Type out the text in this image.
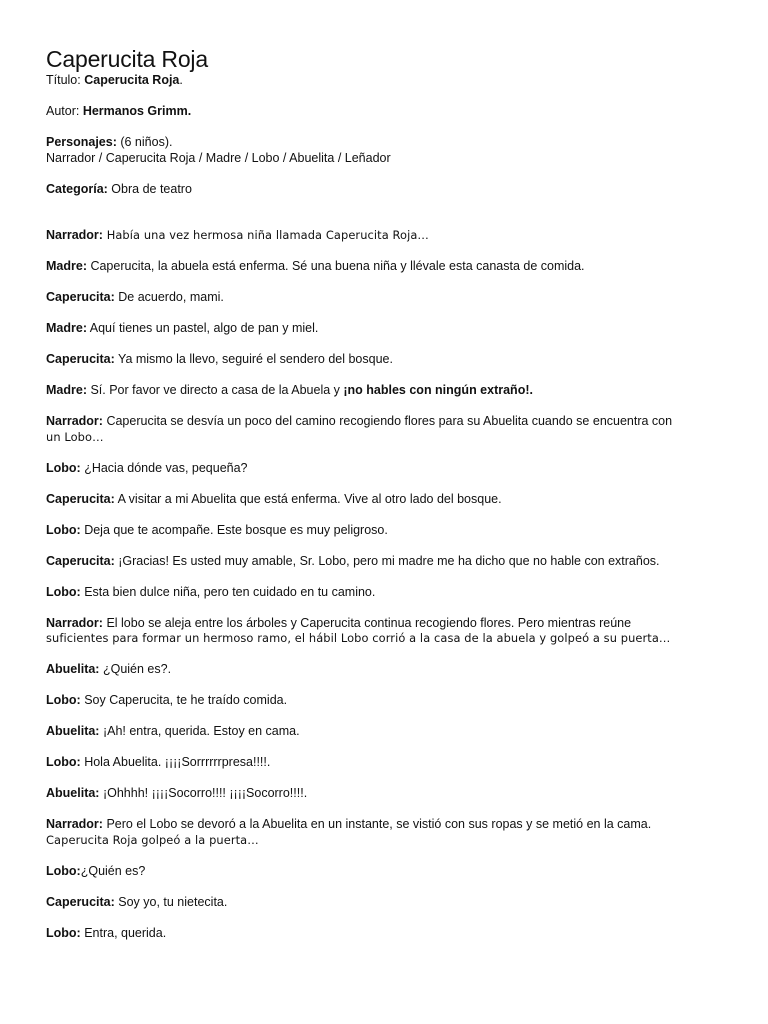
Caperucita Roja

Título: Caperucita Roja.

Autor: Hermanos Grimm.

Personajes: (6 niños).

Narrador / Caperucita Roja / Madre / Lobo / Abuelita / Leñador

Categoría: Obra de teatro

Narrador: Había una vez hermosa niña llamada Caperucita Roja…

Madre: Caperucita, la abuela está enferma. Sé una buena niña y llévale esta canasta de comida.

Caperucita: De acuerdo, mami.

Madre: Aquí tienes un pastel, algo de pan y miel.

Caperucita: Ya mismo la llevo, seguiré el sendero del bosque.

Madre: Sí. Por favor ve directo a casa de la Abuela y ¡no hables con ningún extraño!.

Narrador: Caperucita se desvía un poco del camino recogiendo flores para su Abuelita cuando se encuentra con
un Lobo…

Lobo: ¿Hacia dónde vas, pequeña?

Caperucita: A visitar a mi Abuelita que está enferma. Vive al otro lado del bosque.

Lobo: Deja que te acompañe. Este bosque es muy peligroso.

Caperucita: ¡Gracias! Es usted muy amable, Sr. Lobo, pero mi madre me ha dicho que no hable con extraños.

Lobo: Esta bien dulce niña, pero ten cuidado en tu camino.

Narrador: El lobo se aleja entre los árboles y Caperucita continua recogiendo flores. Pero mientras reúne
suficientes para formar un hermoso ramo, el hábil Lobo corrió a la casa de la abuela y golpeó a su puerta…

Abuelita: ¿Quién es?.

Lobo: Soy Caperucita, te he traído comida.

Abuelita: ¡Ah! entra, querida. Estoy en cama.

Lobo: Hola Abuelita. ¡¡¡¡Sorrrrrrpresa!!!!.

Abuelita: ¡Ohhhh! ¡¡¡¡Socorro!!!! ¡¡¡¡Socorro!!!!.

Narrador: Pero el Lobo se devoró a la Abuelita en un instante, se vistió con sus ropas y se metió en la cama.
Caperucita Roja golpeó a la puerta…

Lobo:¿Quién es?

Caperucita: Soy yo, tu nietecita.

Lobo: Entra, querida.
